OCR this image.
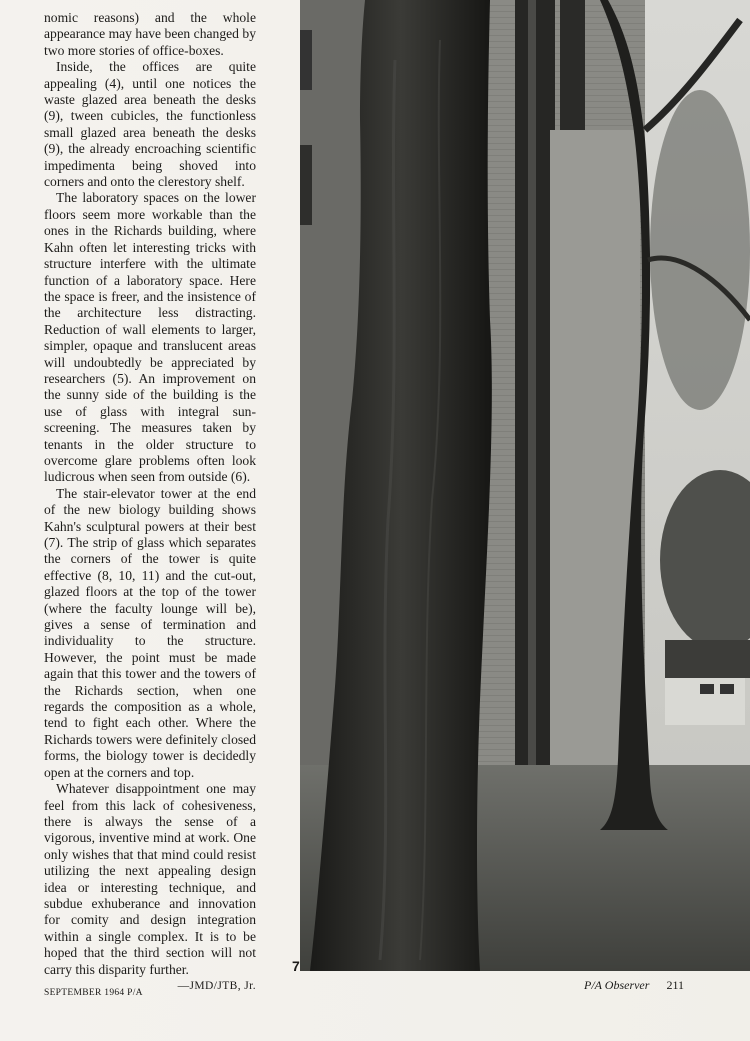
nomic reasons) and the whole appearance may have been changed by two more stories of office-boxes.

Inside, the offices are quite appealing (4), until one notices the waste glazed area beneath the desks (9), tween cubicles, the functionless small glazed area beneath the desks (9), the already encroaching scientific impedimenta being shoved into corners and onto the clerestory shelf.

The laboratory spaces on the lower floors seem more workable than the ones in the Richards building, where Kahn often let interesting tricks with structure interfere with the ultimate function of a laboratory space. Here the space is freer, and the insistence of the architecture less distracting. Reduction of wall elements to larger, simpler, opaque and translucent areas will undoubtedly be appreciated by researchers (5). An improvement on the sunny side of the building is the use of glass with integral sun-screening. The measures taken by tenants in the older structure to overcome glare problems often look ludicrous when seen from outside (6).

The stair-elevator tower at the end of the new biology building shows Kahn's sculptural powers at their best (7). The strip of glass which separates the corners of the tower is quite effective (8, 10, 11) and the cut-out, glazed floors at the top of the tower (where the faculty lounge will be), gives a sense of termination and individuality to the structure. However, the point must be made again that this tower and the towers of the Richards section, when one regards the composition as a whole, tend to fight each other. Where the Richards towers were definitely closed forms, the biology tower is decidedly open at the corners and top.

Whatever disappointment one may feel from this lack of cohesiveness, there is always the sense of a vigorous, inventive mind at work. One only wishes that that mind could resist utilizing the next appealing design idea or interesting technique, and subdue exhuberance and innovation for comity and design integration within a single complex. It is to be hoped that the third section will not carry this disparity further.

—JMD/JTB, Jr.
7
SEPTEMBER 1964 P/A
P/A Observer 211
